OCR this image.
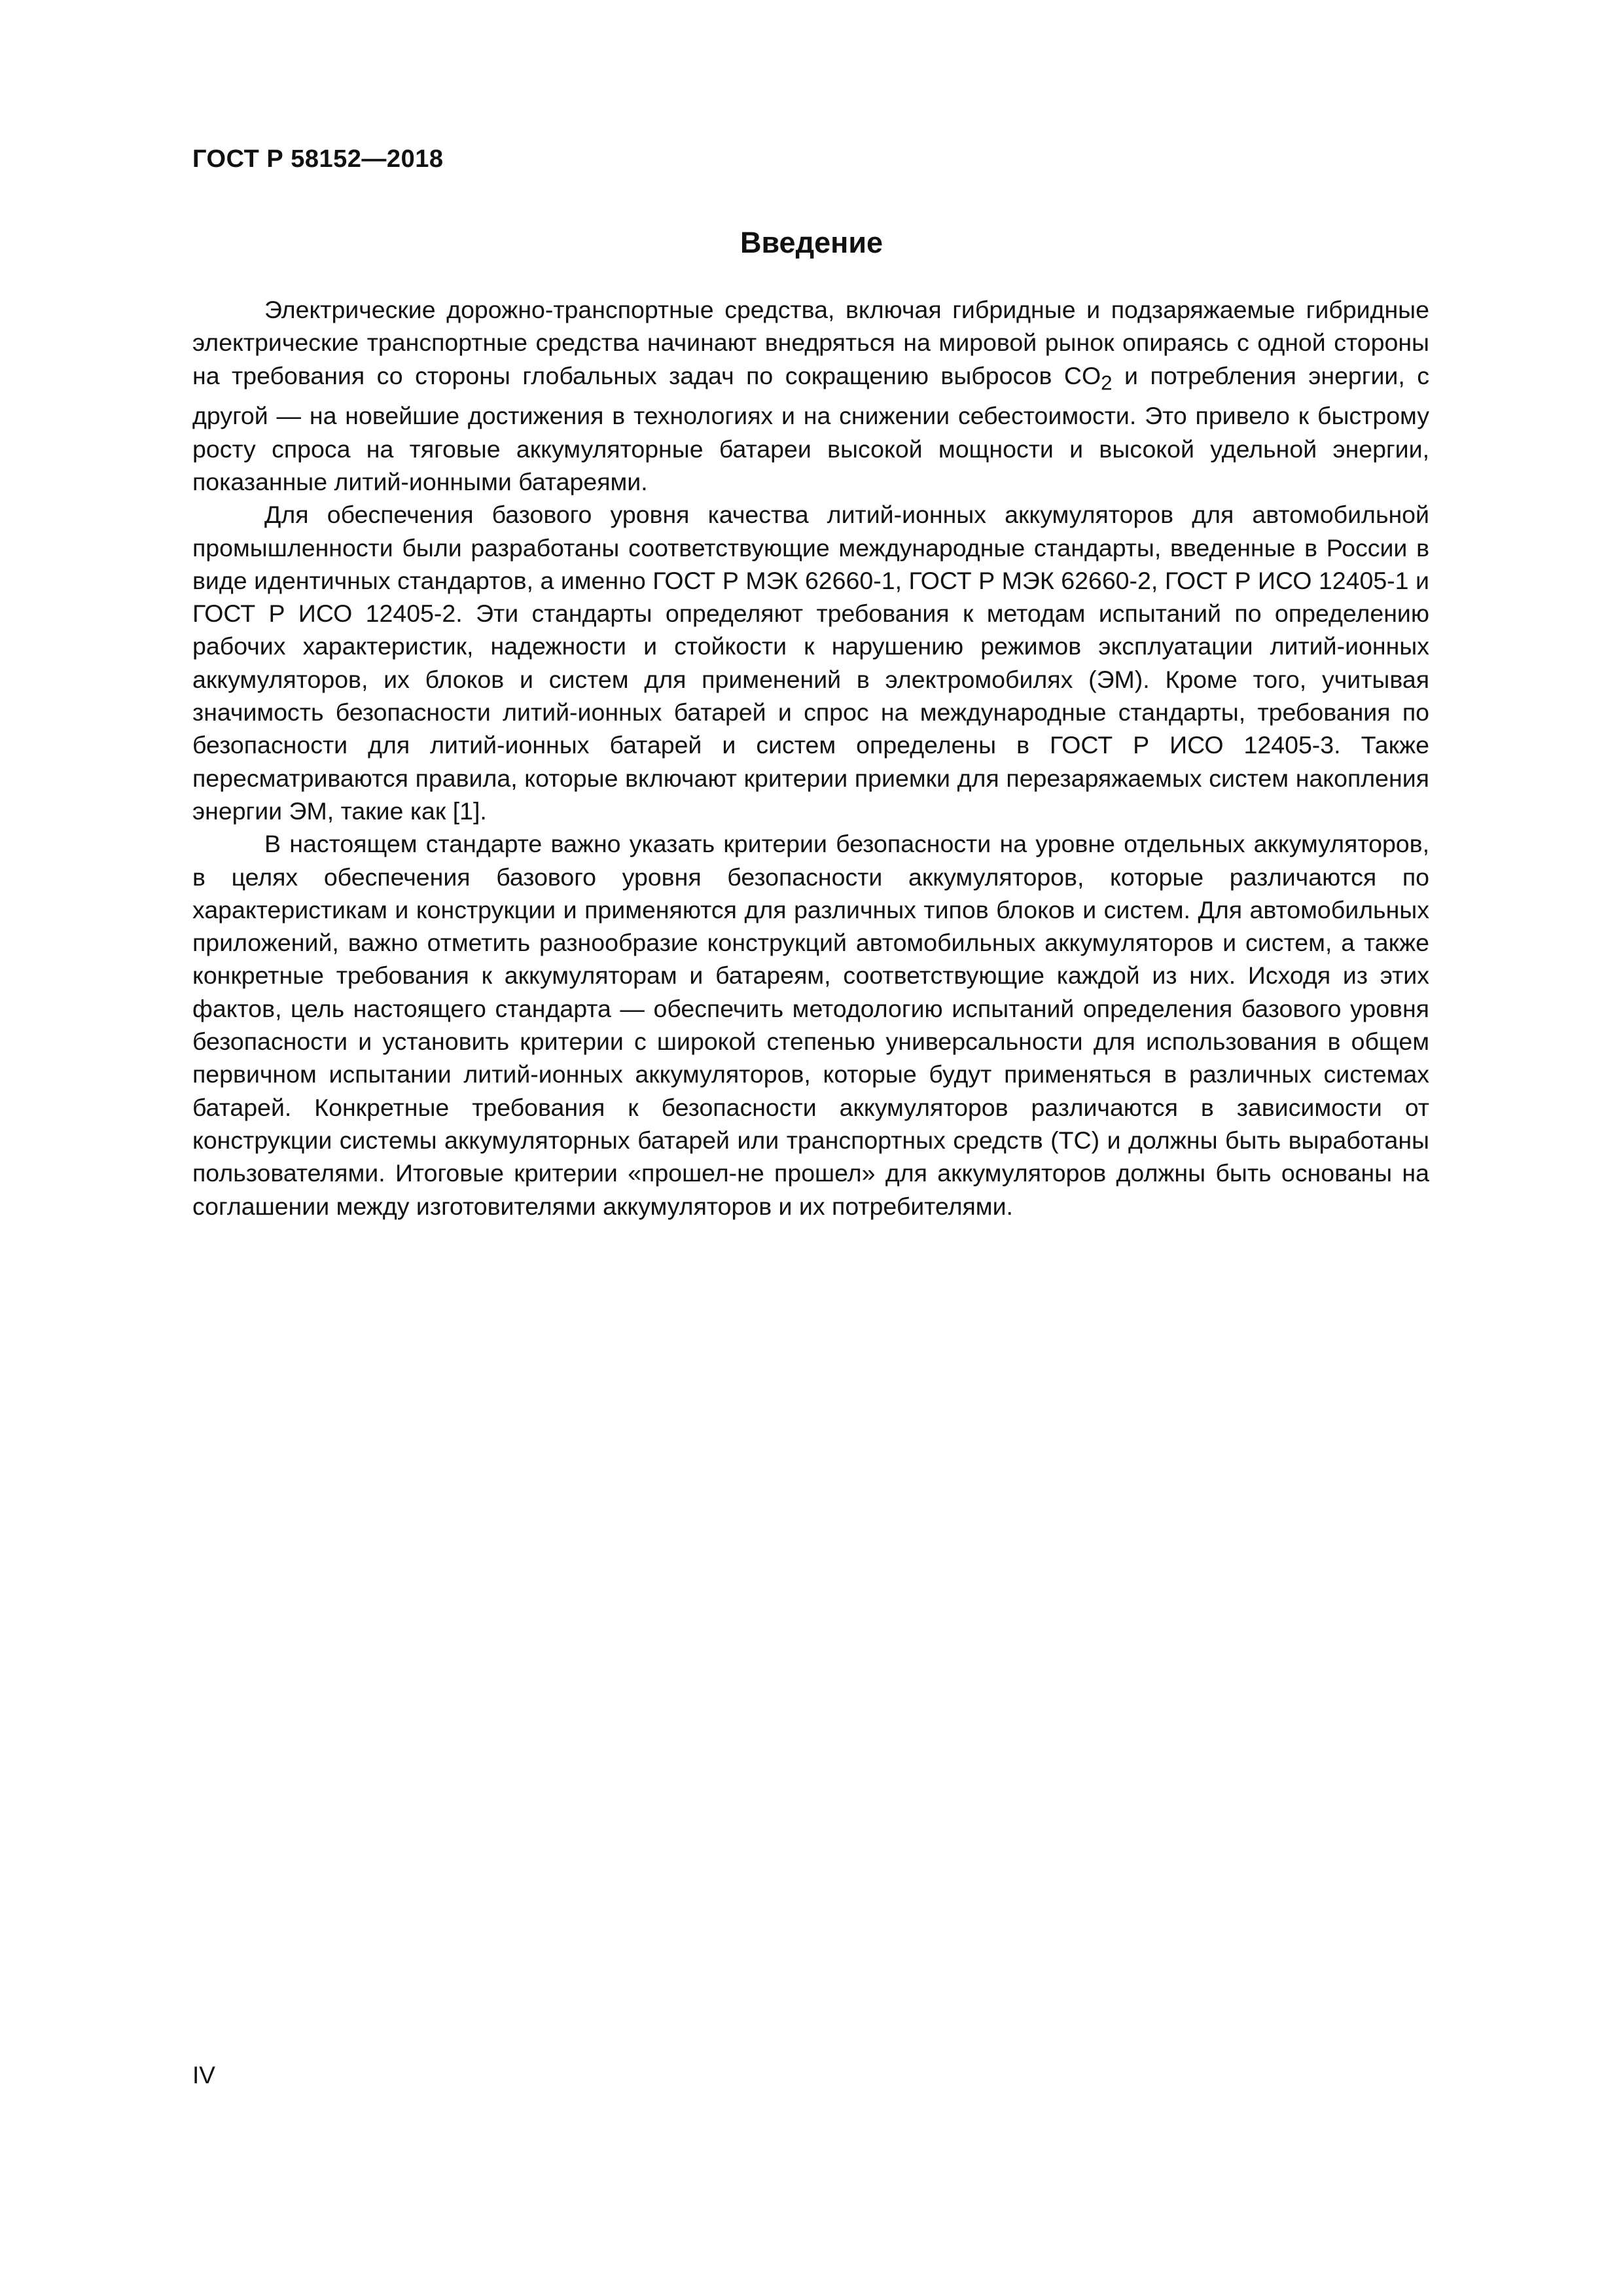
ГОСТ Р 58152—2018
Введение

Электрические дорожно-транспортные средства, включая гибридные и подзаряжаемые гибридные электрические транспортные средства начинают внедряться на мировой рынок опираясь с одной стороны на требования со стороны глобальных задач по сокращению выбросов $CO_2$ и потребления энергии, с другой — на новейшие достижения в технологиях и на снижении себестоимости. Это привело к быстрому росту спроса на тяговые аккумуляторные батареи высокой мощности и высокой удельной энергии, показанные литий-ионными батареями.

Для обеспечения базового уровня качества литий-ионных аккумуляторов для автомобильной промышленности были разработаны соответствующие международные стандарты, введенные в России в виде идентичных стандартов, а именно ГОСТ Р МЭК 62660-1, ГОСТ Р МЭК 62660-2, ГОСТ Р ИСО 12405-1 и ГОСТ Р ИСО 12405-2. Эти стандарты определяют требования к методам испытаний по определению рабочих характеристик, надежности и стойкости к нарушению режимов эксплуатации литий-ионных аккумуляторов, их блоков и систем для применений в электромобилях (ЭМ). Кроме того, учитывая значимость безопасности литий-ионных батарей и спрос на международные стандарты, требования по безопасности для литий-ионных батарей и систем определены в ГОСТ Р ИСО 12405-3. Также пересматриваются правила, которые включают критерии приемки для перезаряжаемых систем накопления энергии ЭМ, такие как [1].

В настоящем стандарте важно указать критерии безопасности на уровне отдельных аккумуляторов, в целях обеспечения базового уровня безопасности аккумуляторов, которые различаются по характеристикам и конструкции и применяются для различных типов блоков и систем. Для автомобильных приложений, важно отметить разнообразие конструкций автомобильных аккумуляторов и систем, а также конкретные требования к аккумуляторам и батареям, соответствующие каждой из них. Исходя из этих фактов, цель настоящего стандарта — обеспечить методологию испытаний определения базового уровня безопасности и установить критерии с широкой степенью универсальности для использования в общем первичном испытании литий-ионных аккумуляторов, которые будут применяться в различных системах батарей. Конкретные требования к безопасности аккумуляторов различаются в зависимости от конструкции системы аккумуляторных батарей или транспортных средств (ТС) и должны быть выработаны пользователями. Итоговые критерии «прошел-не прошел» для аккумуляторов должны быть основаны на соглашении между изготовителями аккумуляторов и их потребителями.

IV
